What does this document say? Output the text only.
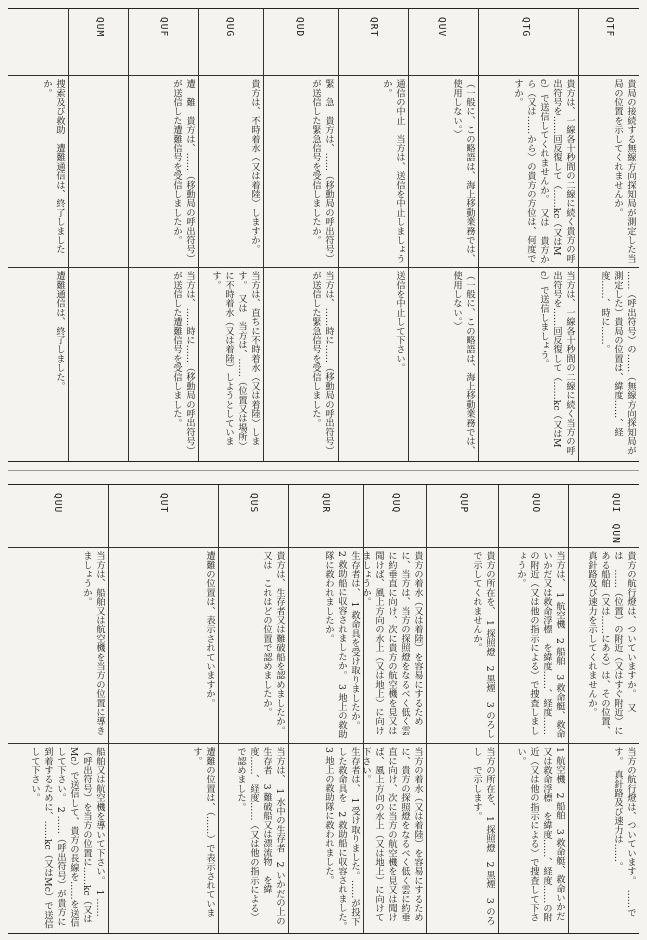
QTF
QTG
QUV
QRT
QUD
QUG
QUF
QUM
貴局の接続する無線方向探知局が測定した当局の位置を示してくれませんか。
貴方は、一線各十秒間の二線に続く貴方の呼出符号を……回反復して（……kc（又はMc）で送信してくれませんか。　又は　貴方から（又は……から）の貴方の方位は、何度ですか。
（一般に、この略語は、海上移動業務では、使用しない。）
通信の中止　当方は、送信を中止しましょうか。
緊　急　貴方は、……（移動局の呼出符号）が送信した緊急信号を受信しましたか。
貴方は、不時着水（又は着陸）しますか。
遭　難　貴方は、……（移動局の呼出符号）が送信した遭難信号を受信しましたか。
捜索及び救助　遭難通信は、終了しましたか。
……（呼出符号）の……（無線方向探知局が測定した）貴局の位置は、緯度……、経度……、時に……。
当方は、一線各十秒間の二線に続く当方の呼出符号を……回反復して（……kc（又はMc）で送信しましょう。
（一般に、この略語は、海上移動業務では、使用しない。）
送信を中止して下さい。
当方は、……時に……（移動局の呼出符号）が送信した緊急信号を受信しました。
当方は、直ちに不時着水（又は着陸）します。　又は　当方は、……（位置又は場所）に不時着水（又は着陸）しようとしています。
当方は、……時に……（移動局の呼出符号）が送信した遭難信号を受信しました。
遭難通信は、終了しました。
QUI　QUN
QUO
QUP
QUQ
QUR
QUS
QUT
QUU
貴方の航行燈は、ついていますか。　又は　……（位置）の附近（又はすぐ附近）にある船舶（又は……にある）は、その位置、真針路及び速力を示してくれませんか。
当方は、　1 航空機　2 船舶　3 救命艇、救命いかだ又は救命浮標　を緯度……、経度……の附近（又は他の指示による）で捜査しましょうか。
貴方の所在を、　1 探照燈　2 黒煙　3 のろし　で示してくれませんか。
貴方の着水（又は着陸）を容易にするために、当方は、当方の探照燈をなるべく低く雲に約垂直に向け、次に貴方の航空機を見又は聞けば、風上方向の水上（又は地上）に向けましょうか。
生存者は、　1 救命具を受け取りましたか。　2 救助船に収容されましたか。　3 地上の救助隊に救われましたか。
貴方は、生存者又は難破船を認めましたか。又は　これはどの位置で認めましたか。
遭難の位置は、表示されていますか。
当方は、船舶又は航空機を当方の位置に導きましょうか。
当方の航行燈は、ついています。　……です。　真針路及び速力は……。
1 航空機　2 船舶　3 救命艇、救命いかだ又は救命浮標　を緯度……、経度……の附近（又は他の指示による）で捜査して下さい。
当方の所在を、　1 探照燈　2 黒煙　3 のろし　で示します。
当方の着水（又は着陸）を容易にするために、貴方の探照燈をなるべく低く雲に約垂直に向け、次に当方の航空機を見又は聞けば、風上方向の水上（又は地上）に向けて下さい。
生存者は、　1 受け取りました。……が投下した救命具を　2 救助船に収容されました。　3 地上の救助隊に救われました。
当方は、　1 水中の生存者　2 いかだの上の生存者　3 難破船又は漂流物　を緯度……、経度……（又は他の指示による）で認めました。
遭難の位置は、（……）で表示されています。
船舶又は航空機を導いて下さい。　1 ……（呼出符号）を当方の位置に……kc（又はMc）で送信して、貴方の長線を……を送信して下さい。　2 ……（呼出符号）が貴方に到着するために、……kc（又はMc）で送信して下さい。
